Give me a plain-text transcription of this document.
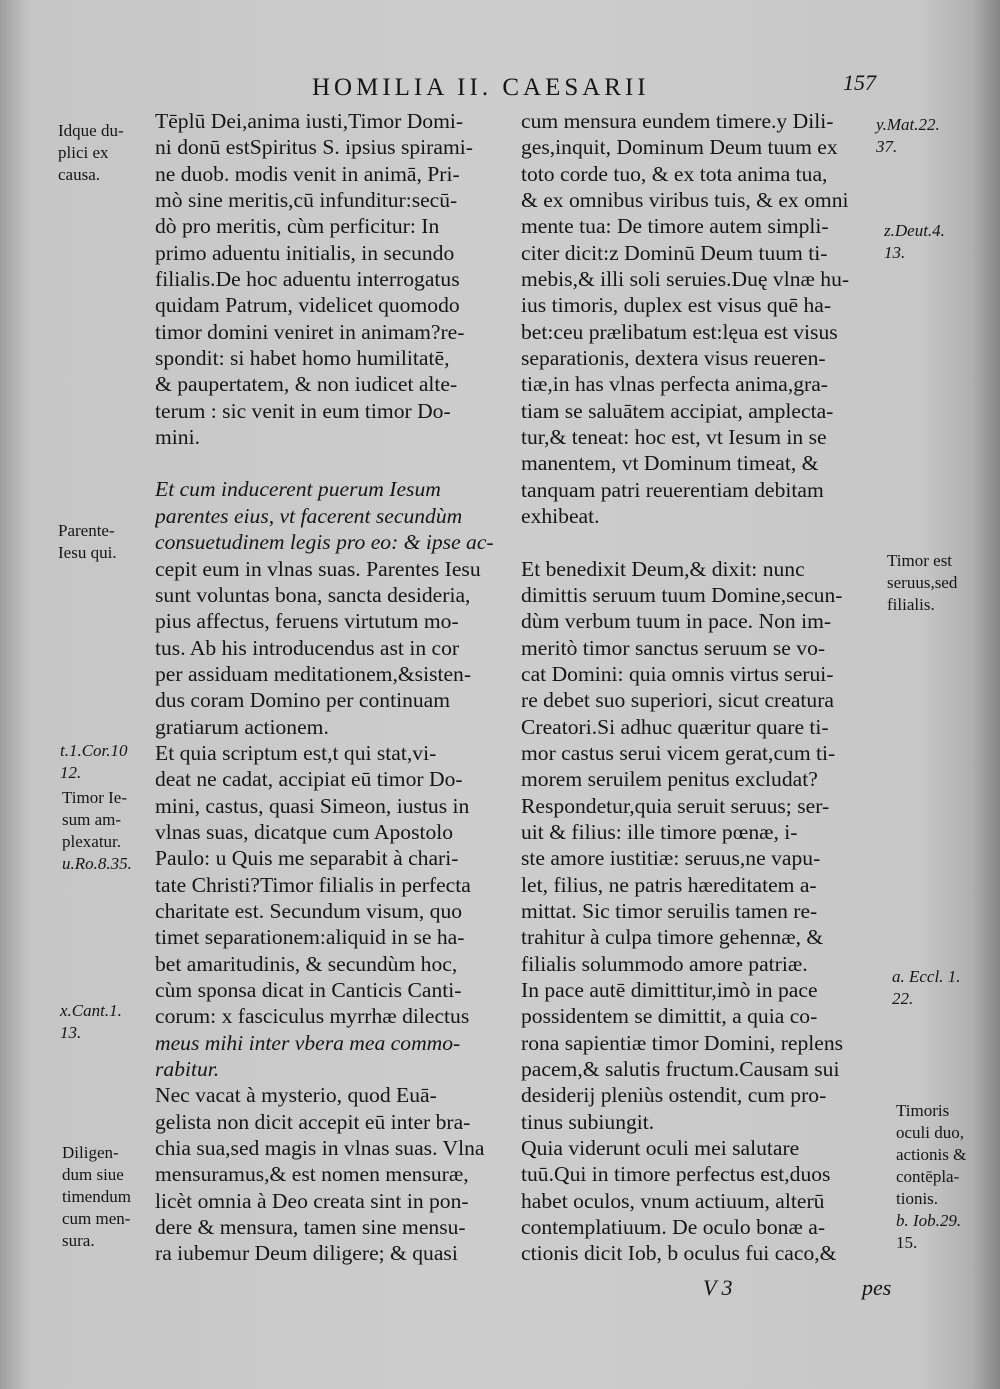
HOMILIA II. CAESARII	157
Tēplū Dei,anima iusti,Timor Domi-
ni donū estSpiritus S. ipsius spirami-
ne duob. modis venit in animā, Pri-
mò sine meritis,cū infunditur:secū-
dò pro meritis, cùm perficitur: In
primo aduentu initialis, in secundo
filialis.De hoc aduentu interrogatus
quidam Patrum, videlicet quomodo
timor domini veniret in animam?re-
spondit: si habet homo humilitatē,
& paupertatem, & non iudicet alte-
terum : sic venit in eum timor Do-
mini.
Et cum inducerent puerum Iesum
parentes eius, vt facerent secundùm
consuetudinem legis pro eo: & ipse ac-
cepit eum in vlnas suas. Parentes Iesu
sunt voluntas bona, sancta desideria,
pius affectus, feruens virtutum mo-
tus. Ab his introducendus ast in cor
per assiduam meditationem,&sisten-
dus coram Domino per continuam
gratiarum actionem.
Et quia scriptum est,t qui stat,vi-
deat ne cadat, accipiat eū timor Do-
mini, castus, quasi Simeon, iustus in
vlnas suas, dicatque cum Apostolo
Paulo: u Quis me separabit à chari-
tate Christi?Timor filialis in perfecta
charitate est. Secundum visum, quo
timet separationem:aliquid in se ha-
bet amaritudinis, & secundùm hoc,
cùm sponsa dicat in Canticis Canti-
corum: x fasciculus myrrhæ dilectus
meus mihi inter vbera mea commo-
rabitur.
Nec vacat à mysterio, quod Euā-
gelista non dicit accepit eū inter bra-
chia sua,sed magis in vlnas suas. Vlna
mensuramus,& est nomen mensuræ,
licèt omnia à Deo creata sint in pon-
dere & mensura, tamen sine mensu-
ra iubemur Deum diligere; & quasi
cum mensura eundem timere.y Dili-
ges,inquit, Dominum Deum tuum ex
toto corde tuo, & ex tota anima tua,
& ex omnibus viribus tuis, & ex omni
mente tua: De timore autem simpli-
citer dicit:z Dominū Deum tuum ti-
mebis,& illi soli seruies.Duę vlnæ hu-
ius timoris, duplex est visus quē ha-
bet:ceu prælibatum est:lęua est visus
separationis, dextera visus reueren-
tiæ,in has vlnas perfecta anima,gra-
tiam se saluātem accipiat, amplecta-
tur,& teneat: hoc est, vt Iesum in se
manentem, vt Dominum timeat, &
tanquam patri reuerentiam debitam
exhibeat.
Et benedixit Deum,& dixit: nunc
dimittis seruum tuum Domine,secun-
dùm verbum tuum in pace. Non im-
meritò timor sanctus seruum se vo-
cat Domini: quia omnis virtus serui-
re debet suo superiori, sicut creatura
Creatori.Si adhuc quæritur quare ti-
mor castus serui vicem gerat,cum ti-
morem seruilem penitus excludat?
Respondetur,quia seruit seruus; ser-
uit & filius: ille timore pœnæ, i-
ste amore iustitiæ: seruus,ne vapu-
let, filius, ne patris hæreditatem a-
mittat. Sic timor seruilis tamen re-
trahitur à culpa timore gehennæ, &
filialis solummodo amore patriæ.
In pace autē dimittitur,imò in pace
possidentem se dimittit, a quia co-
rona sapientiæ timor Domini, replens
pacem,& salutis fructum.Causam sui
desiderij pleniùs ostendit, cum pro-
tinus subiungit.
Quia viderunt oculi mei salutare
tuū.Qui in timore perfectus est,duos
habet oculos, vnum actiuum, alterū
contemplatiuum. De oculo bonæ a-
ctionis dicit Iob, b oculus fui caco,&
Idque du-
plici ex
causa.
Parente-
Iesu qui.
t.1.Cor.10
12.
Timor Ie-
sum am-
plexatur.
u.Ro.8.35.
x.Cant.1.
13.
Diligen-
dum siue
timendum
cum men-
sura.
y.Mat.22.
37.
z.Deut.4.
13.
Timor est
seruus,sed
filialis.
a. Eccl. 1.
22.
Timoris
oculi duo,
actionis &
contēpla-
tionis.
b. Iob.29.
15.
V 3	pes
